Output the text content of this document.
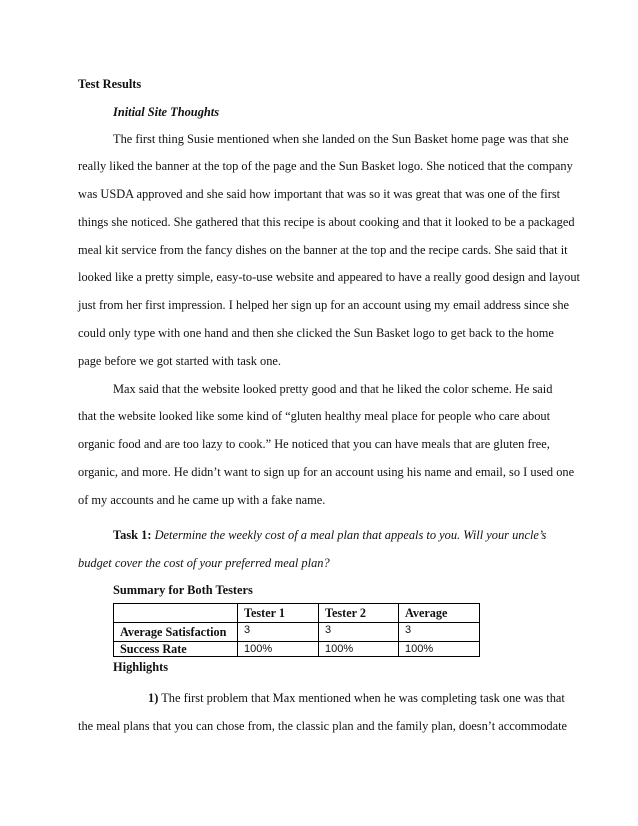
Test Results
Initial Site Thoughts
The first thing Susie mentioned when she landed on the Sun Basket home page was that she
really liked the banner at the top of the page and the Sun Basket logo. She noticed that the company
was USDA approved and she said how important that was so it was great that was one of the first
things she noticed. She gathered that this recipe is about cooking and that it looked to be a packaged
meal kit service from the fancy dishes on the banner at the top and the recipe cards. She said that it
looked like a pretty simple, easy-to-use website and appeared to have a really good design and layout
just from her first impression. I helped her sign up for an account using my email address since she
could only type with one hand and then she clicked the Sun Basket logo to get back to the home
page before we got started with task one.
Max said that the website looked pretty good and that he liked the color scheme. He said
that the website looked like some kind of “gluten healthy meal place for people who care about
organic food and are too lazy to cook.” He noticed that you can have meals that are gluten free,
organic, and more. He didn’t want to sign up for an account using his name and email, so I used one
of my accounts and he came up with a fake name.
Task 1: Determine the weekly cost of a meal plan that appeals to you. Will your uncle’s
budget cover the cost of your preferred meal plan?
Summary for Both Testers
	Tester 1	Tester 2	Average
Average Satisfaction	3	3	3
Success Rate	100%	100%	100%
Highlights
1) The first problem that Max mentioned when he was completing task one was that
the meal plans that you can chose from, the classic plan and the family plan, doesn’t accommodate
